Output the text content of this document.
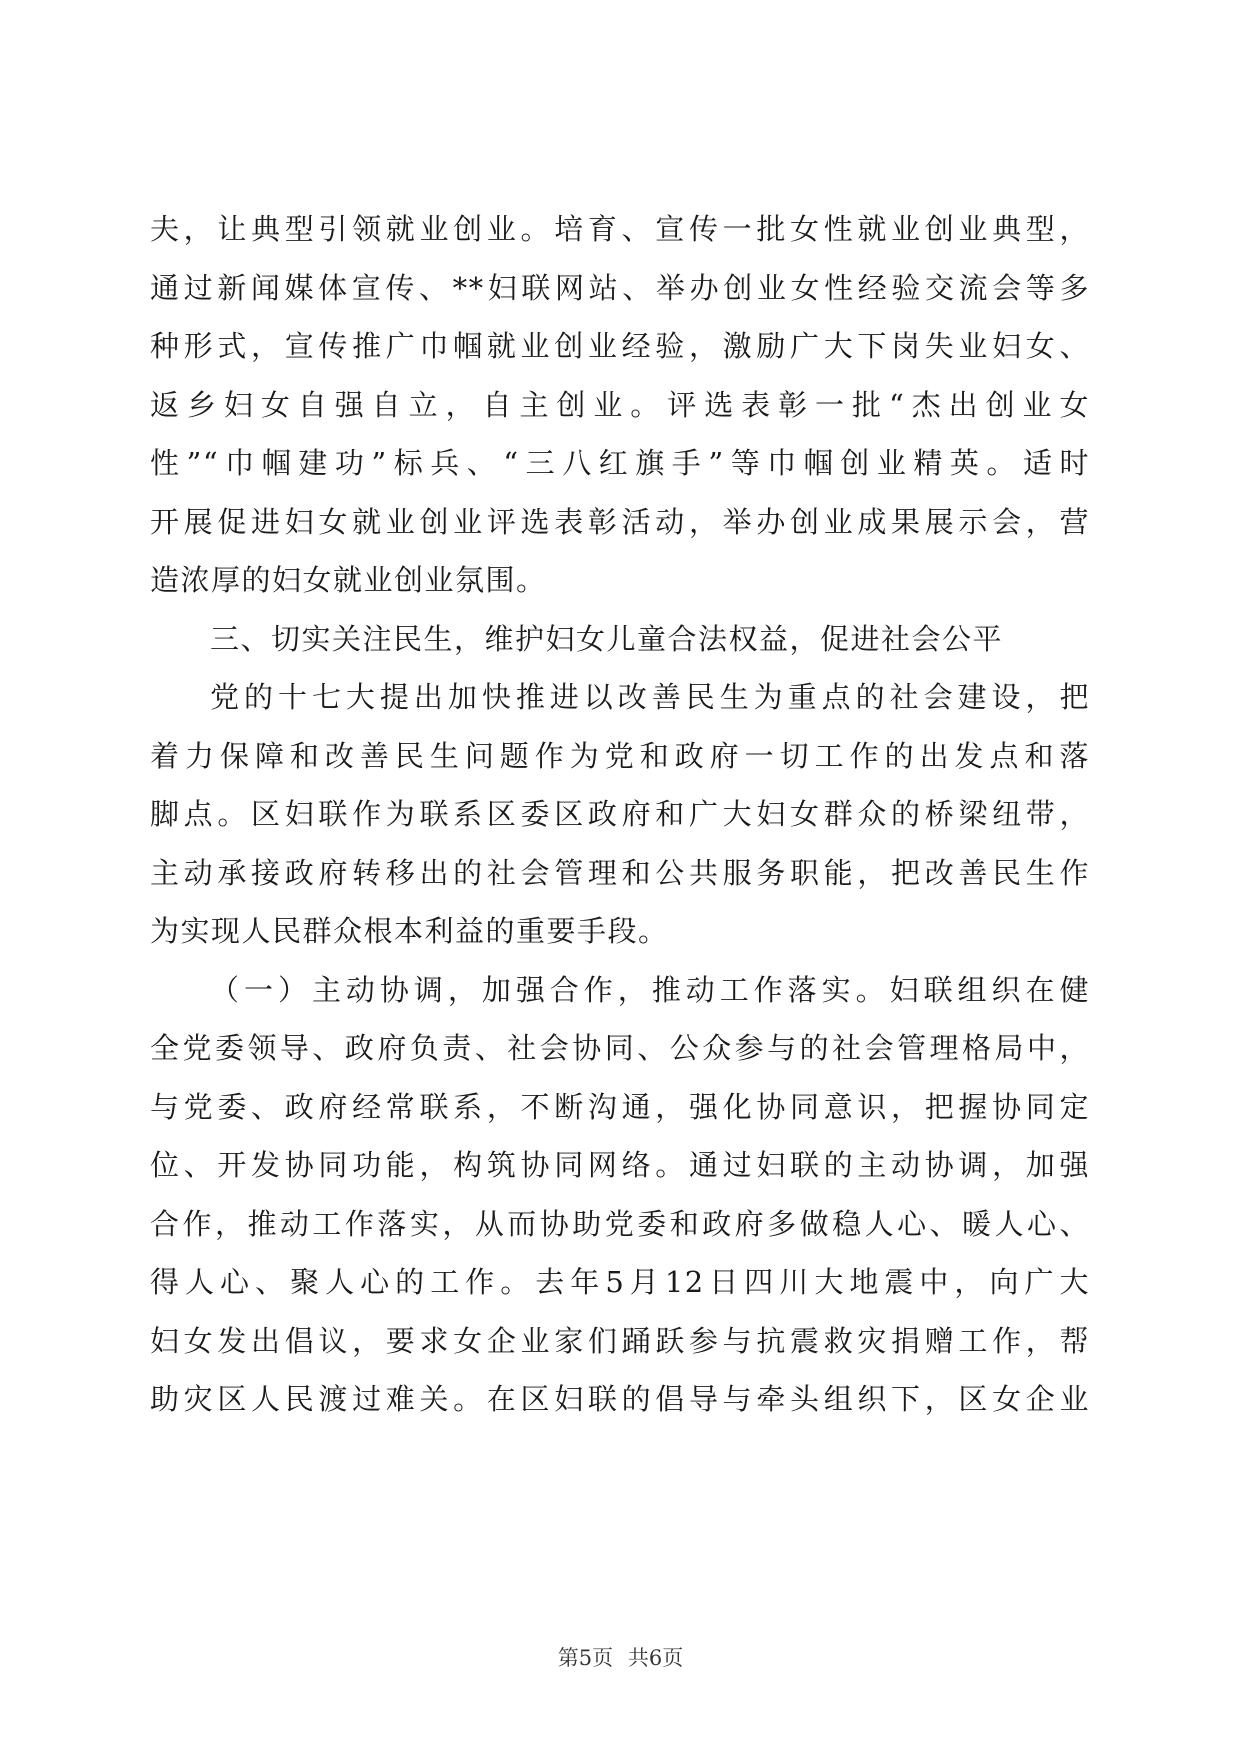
夫，让典型引领就业创业。培育、宣传一批女性就业创业典型，
通过新闻媒体宣传、**妇联网站、举办创业女性经验交流会等多
种形式，宣传推广巾帼就业创业经验，激励广大下岗失业妇女、
返乡妇女自强自立，自主创业。评选表彰一批“杰出创业女
性”“巾帼建功”标兵、“三八红旗手”等巾帼创业精英。适时
开展促进妇女就业创业评选表彰活动，举办创业成果展示会，营
造浓厚的妇女就业创业氛围。
三、切实关注民生，维护妇女儿童合法权益，促进社会公平
党的十七大提出加快推进以改善民生为重点的社会建设，把
着力保障和改善民生问题作为党和政府一切工作的出发点和落
脚点。区妇联作为联系区委区政府和广大妇女群众的桥梁纽带，
主动承接政府转移出的社会管理和公共服务职能，把改善民生作
为实现人民群众根本利益的重要手段。
（一）主动协调，加强合作，推动工作落实。妇联组织在健
全党委领导、政府负责、社会协同、公众参与的社会管理格局中，
与党委、政府经常联系，不断沟通，强化协同意识，把握协同定
位、开发协同功能，构筑协同网络。通过妇联的主动协调，加强
合作，推动工作落实，从而协助党委和政府多做稳人心、暖人心、
得人心、聚人心的工作。去年5月12日四川大地震中，向广大
妇女发出倡议，要求女企业家们踊跃参与抗震救灾捐赠工作，帮
助灾区人民渡过难关。在区妇联的倡导与牵头组织下，区女企业
第5页 共6页
